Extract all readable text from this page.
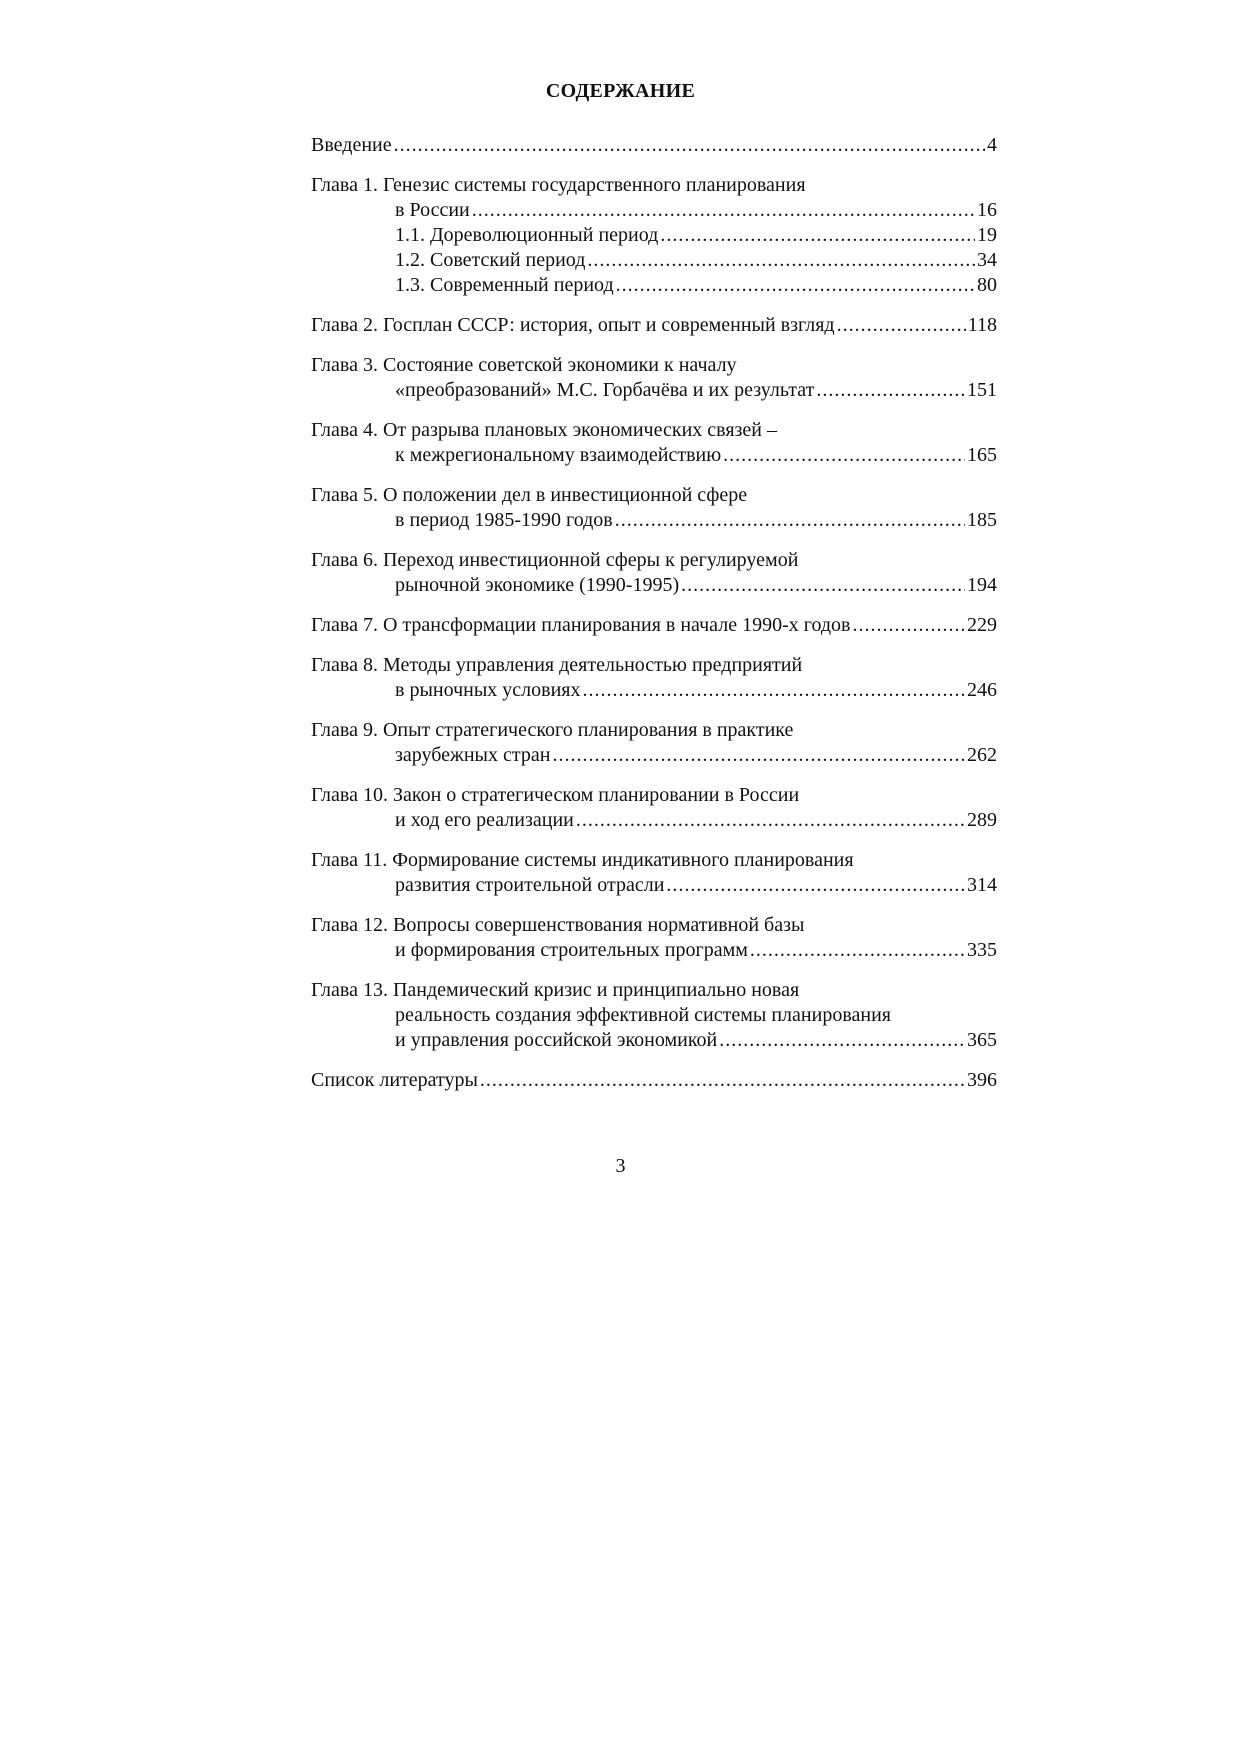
СОДЕРЖАНИЕ
Введение .....	4
Глава 1. Генезис системы государственного планирования
в России .....	16
1.1. Дореволюционный период .....	19
1.2. Советский период .....	34
1.3. Современный период .....	80
Глава 2. Госплан СССР: история, опыт и современный взгляд .....	118
Глава 3. Состояние советской экономики к началу
«преобразований» М.С. Горбачёва и их результат .....	151
Глава 4. От разрыва плановых экономических связей –
к межрегиональному взаимодействию .....	165
Глава 5. О положении дел в инвестиционной сфере
в период 1985-1990 годов .....	185
Глава 6. Переход инвестиционной сферы к регулируемой
рыночной экономике (1990-1995) .....	194
Глава 7. О трансформации планирования в начале 1990-х годов .....	229
Глава 8. Методы управления деятельностью предприятий
в рыночных условиях .....	246
Глава 9. Опыт стратегического планирования в практике
зарубежных стран .....	262
Глава 10. Закон о стратегическом планировании в России
и ход его реализации .....	289
Глава 11. Формирование системы индикативного планирования
развития строительной отрасли .....	314
Глава 12. Вопросы совершенствования нормативной базы
и формирования строительных программ .....	335
Глава 13. Пандемический кризис и принципиально новая
реальность создания эффективной системы планирования
и управления российской экономикой .....	365
Список литературы .....	396
3
